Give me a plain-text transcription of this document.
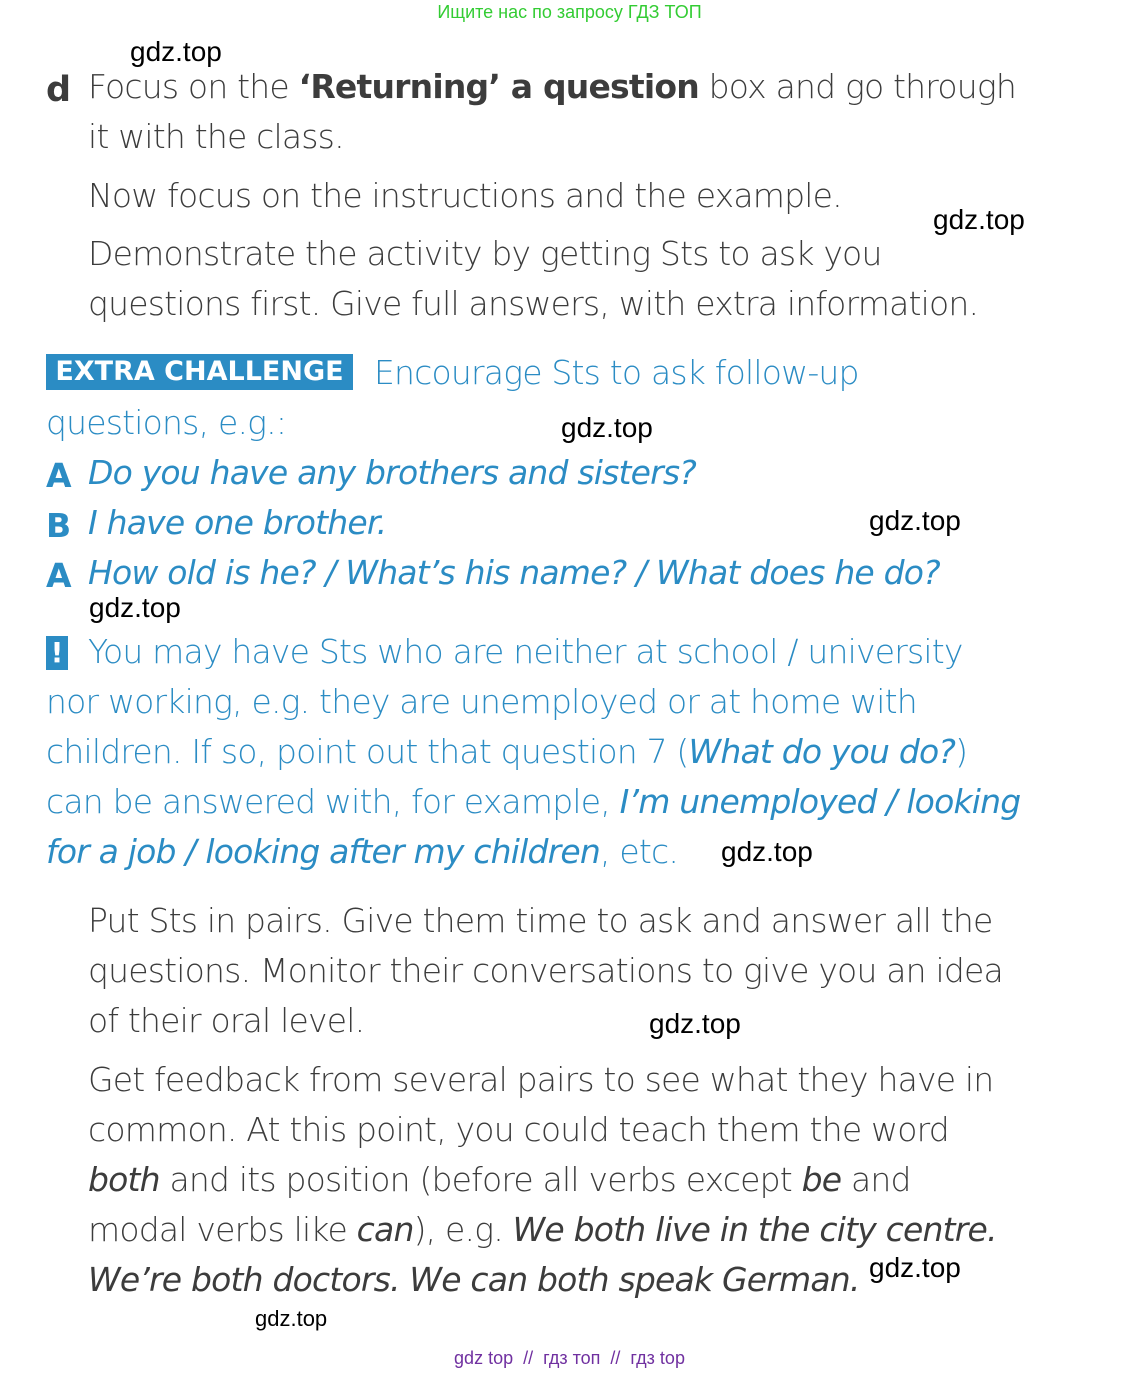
Ищите нас по запросу ГДЗ ТОП
d Focus on the ‘Returning’ a question box and go through
it with the class.
Now focus on the instructions and the example.
Demonstrate the activity by getting Sts to ask you
questions first. Give full answers, with extra information.
EXTRA CHALLENGE Encourage Sts to ask follow-up
questions, e.g.:
A Do you have any brothers and sisters?
B I have one brother.
A How old is he? / What’s his name? / What does he do?
! You may have Sts who are neither at school / university
nor working, e.g. they are unemployed or at home with
children. If so, point out that question 7 (What do you do?)
can be answered with, for example, I’m unemployed / looking
for a job / looking after my children, etc.
Put Sts in pairs. Give them time to ask and answer all the
questions. Monitor their conversations to give you an idea
of their oral level.
Get feedback from several pairs to see what they have in
common. At this point, you could teach them the word
both and its position (before all verbs except be and
modal verbs like can), e.g. We both live in the city centre.
We’re both doctors. We can both speak German.
gdz.top
gdz.top
gdz.top
gdz.top
gdz.top
gdz.top
gdz.top
gdz.top
gdz.top
gdz top  //  гдз топ  //  гдз top
